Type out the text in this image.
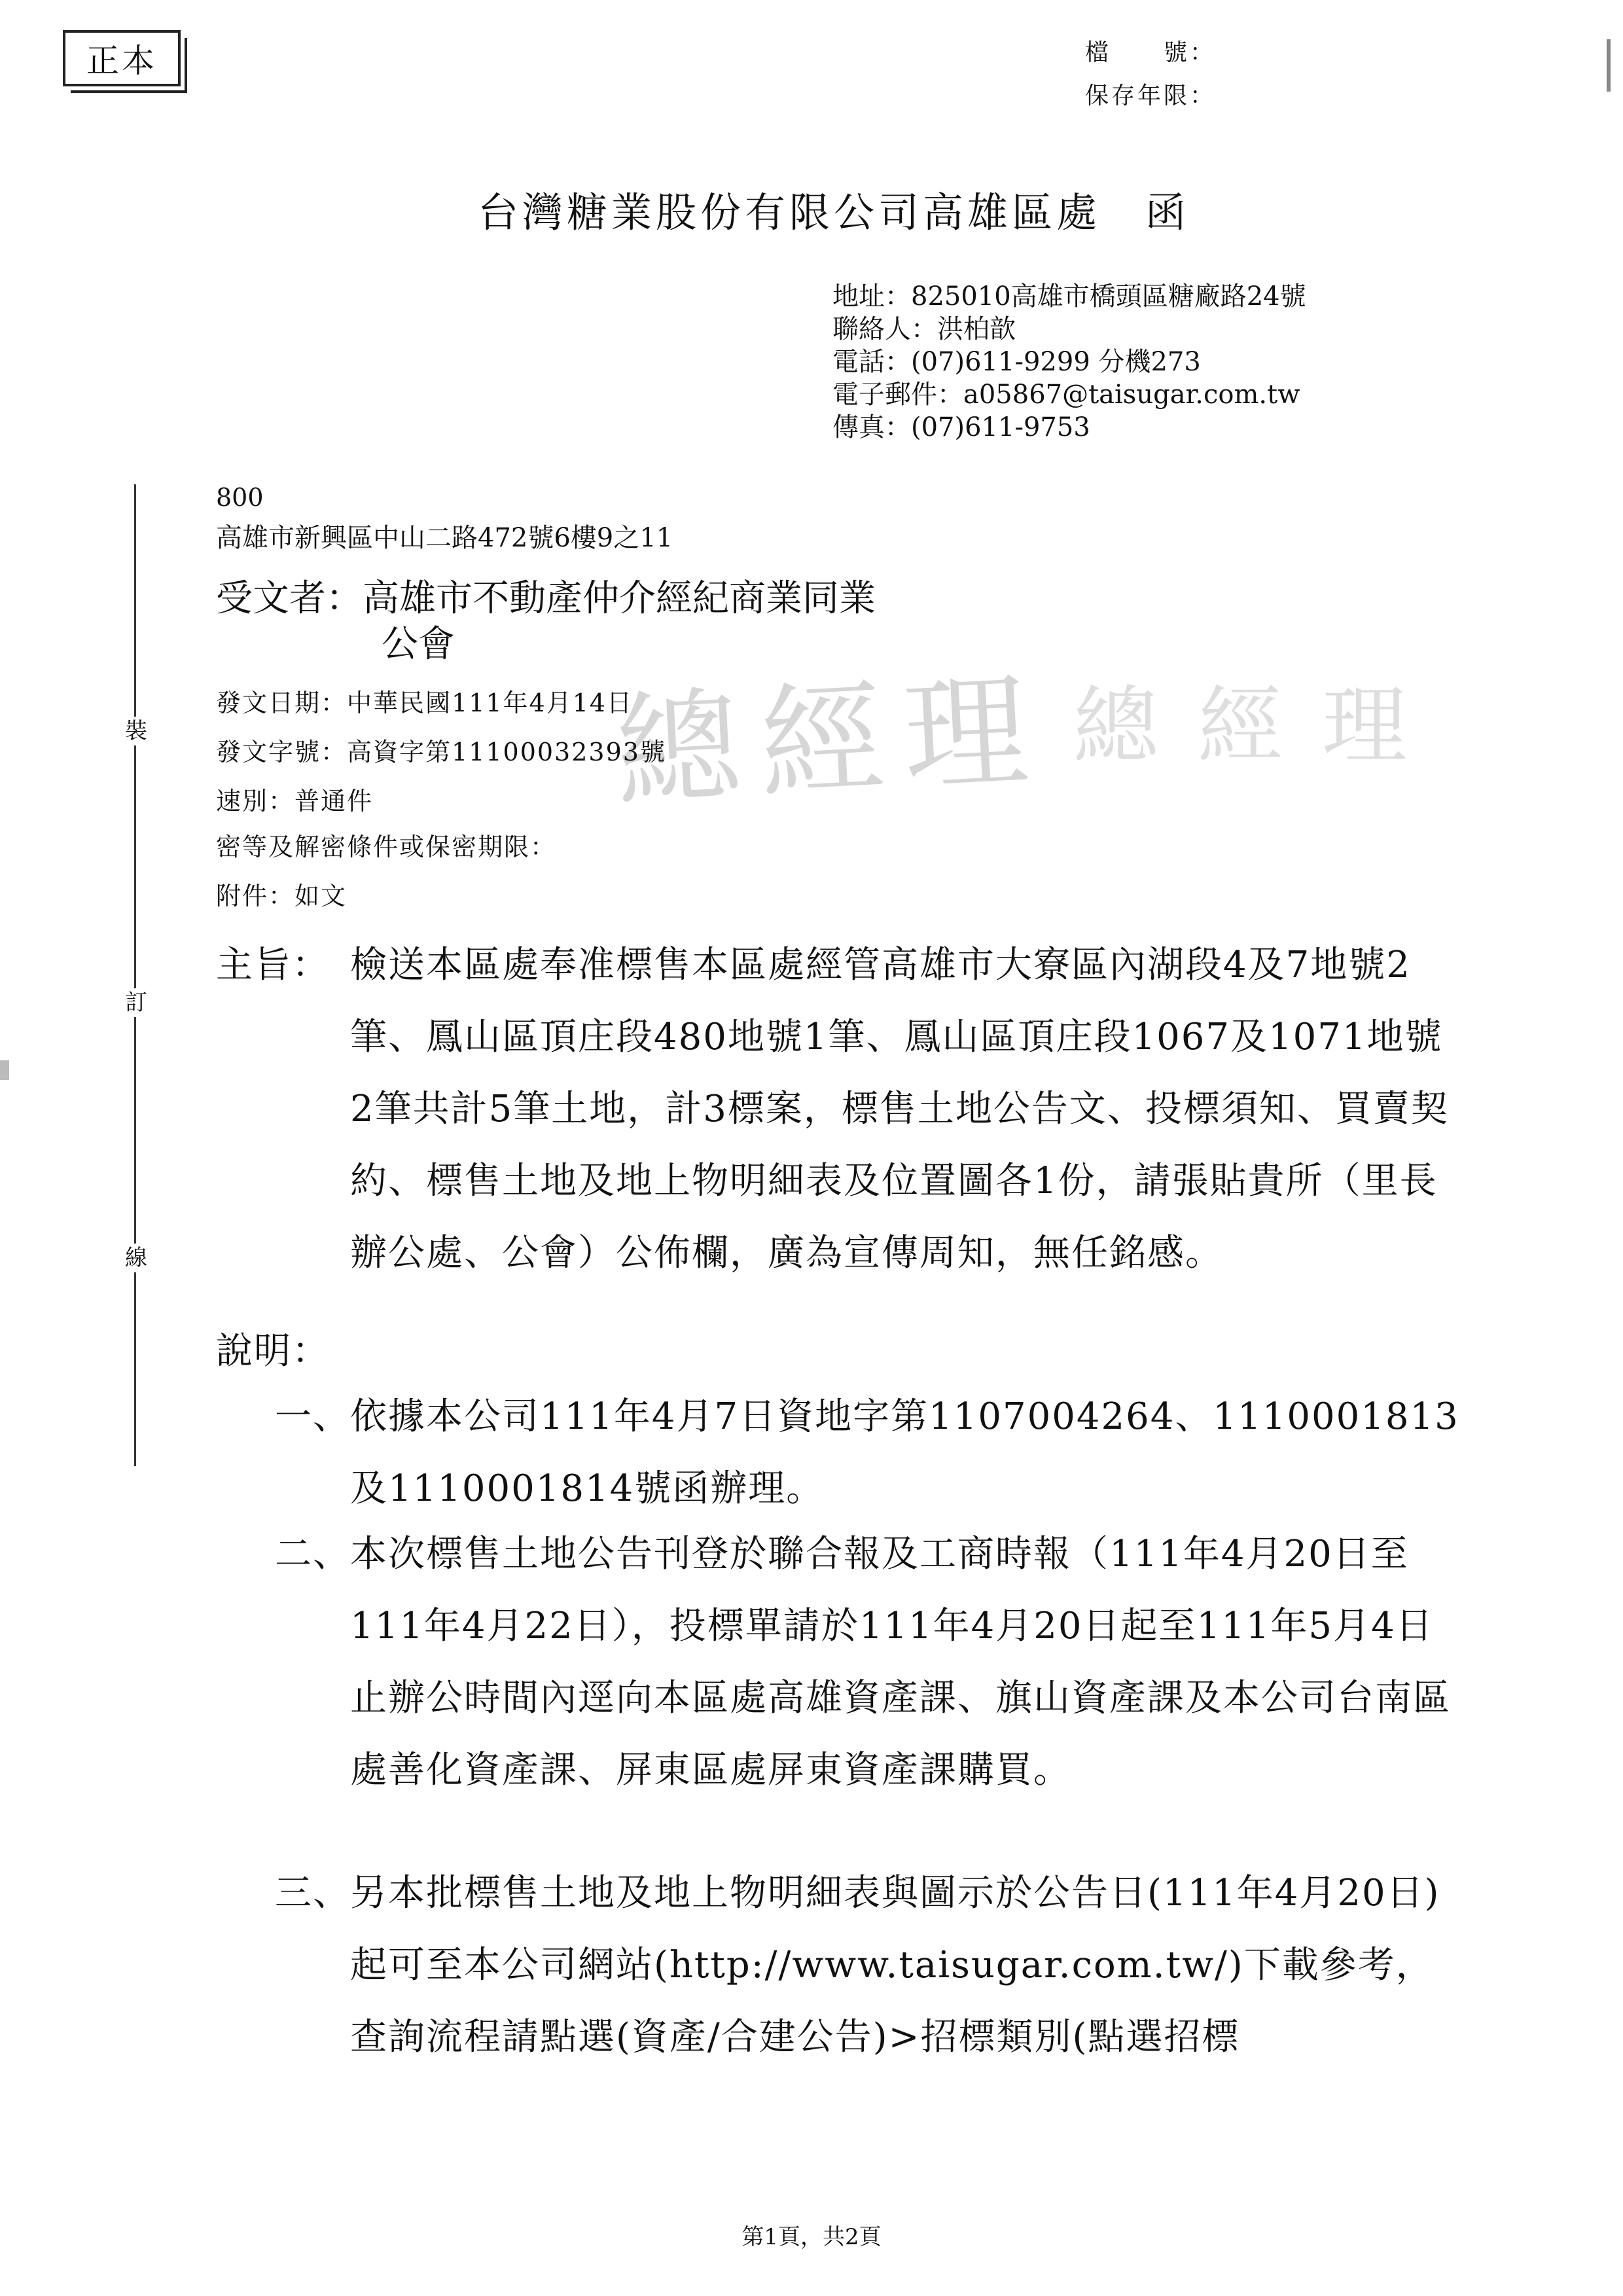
正本	檔　　號：
保存年限：
台灣糖業股份有限公司高雄區處　函
地址：825010高雄市橋頭區糖廠路24號
聯絡人：洪柏歆
電話：(07)611-9299 分機273
電子郵件：a05867@taisugar.com.tw
傳真：(07)611-9753
裝
訂
線
總經理 總經理
800
高雄市新興區中山二路472號6樓9之11
受文者：高雄市不動產仲介經紀商業同業
公會
發文日期：中華民國111年4月14日
發文字號：高資字第11100032393號
速別：普通件
密等及解密條件或保密期限：
附件：如文
主旨： 檢送本區處奉准標售本區處經管高雄市大寮區內湖段4及7地號2筆、鳳山區頂庄段480地號1筆、鳳山區頂庄段1067及1071地號2筆共計5筆土地，計3標案，標售土地公告文、投標須知、買賣契約、標售土地及地上物明細表及位置圖各1份，請張貼貴所（里長辦公處、公會）公佈欄，廣為宣傳周知，無任銘感。
說明：
一、 依據本公司111年4月7日資地字第1107004264、1110001813及1110001814號函辦理。
二、 本次標售土地公告刊登於聯合報及工商時報（111年4月20日至111年4月22日），投標單請於111年4月20日起至111年5月4日止辦公時間內逕向本區處高雄資產課、旗山資產課及本公司台南區處善化資產課、屏東區處屏東資產課購買。
三、 另本批標售土地及地上物明細表與圖示於公告日(111年4月20日)起可至本公司網站(http://www.taisugar.com.tw/)下載參考，查詢流程請點選(資產/合建公告)>招標類別(點選招標
第1頁，共2頁
